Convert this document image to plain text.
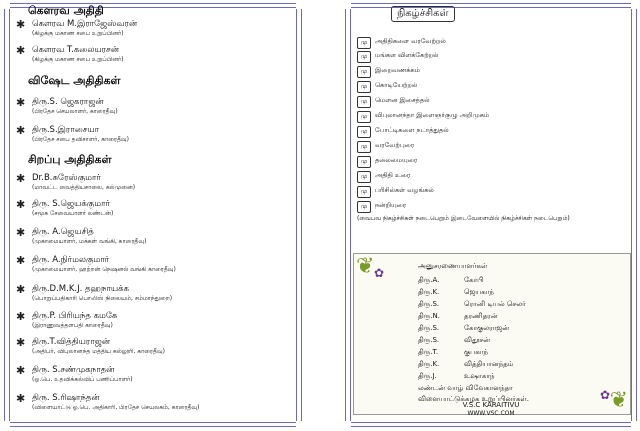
கௌரவ அதிதி
✱ கௌரவ M.இராஜேஸ்வரன்
(கிழக்கு மகாண சபை உறுப்பினர்)
✱ கௌரவ T.கலையரசன்
(கிழக்கு மகாண சபை உறுப்பினர்)
விஷேட அதிதிகள்
✱ திரு.S. ஜெகராஜன்
(பிரதேச செயலாளர், காரைதீவு)
✱ திரு.S.இராசையா
(பிரதேச சபை தவிசாளர், காரைதீவு)
சிறப்பு அதிதிகள்
✱ Dr.B.சுரேஸ்குமார்
(மாவட்ட வைத்தியசாலை, கல்முனை)
✱ திரு. S.ஜெயக்குமார்
(சமூக சேவையாளர் லண்டன்)
✱ திரு. A.ஜெயசித்
(முகாமையாளர், மக்கள் வங்கி, காரைதீவு)
✱ திரு. A.நிர்மலகுமார்
(முகாமையாளர், ஹற்றன் நெஷனல் வங்கி காரைதீவு)
✱ திரு.D.M.K.J. தஹநாயக்க
(பொறுப்பதிகாரி பொலிஸ் நிலையம், சம்மாந்துறை)
✱ திரு.P. பிரியந்த கமகே
(இராணுவத்தளபதி காரைதீவு)
✱ திரு.T.வித்தியராஜன்
(அதிபர், விபுலானந்த மத்திய கல்லூரி, காரைதீவு)
✱ திரு. S.சண்முகநாதன்
(ஓ.பெ. உதவிக்கல்விப் பணிப்பாளர்)
✱ திரு. S.ரிஷாந்தன்
(விளையாட்டு ஓ.பெ. அதிகாரி, பிரதேச செயலகம், காரைதீவு)
நிகழ்ச்சிகள்
மு	அதிதிகளை வரவேற்றல்
மு	மங்கள விளக்கேற்றல்
மு	இறைவணக்கம்
மு	கொடியேற்றல்
மு	மௌன இசைத்தல்
மு	விபுலானந்தா இளைஞர்குழு அறிமுகம்
மு	போட்டிகளை நடாத்துதல்
மு	வரவேற்புரை
மு	தலைமையுரை
மு	அதிதி உரை
மு	பரிசில்கள் வழங்கல்
மு	நன்றியுரை
(வைபவ நிகழ்ச்சிகள் நடைபெறும் இடைவேளையில் நிகழ்ச்சிகள் நடைபெறும்)
❦ ✿
❦
✿
அனுசரணையாளர்கள்
திரு.A.	கோபி
திரு.K.	ஜெயகாந்
திரு.S.	ரொனி டியல் செலர்
திரு.N.	தரணிதரன்
திரு.S.	கோகுலராஜன்
திரு.S.	விதூசன்
திரு.T.	குபகாந்
திரு.K.	வித்தியானந்தம்
திரு.J.	உஷாகாந்
லண்டன் வாழ் விவேகானந்தா
விளையாட்டுக்கழக உறுப்பினர்கள்.
V.S.C KARAITIVU
WWW.VSC.COM
